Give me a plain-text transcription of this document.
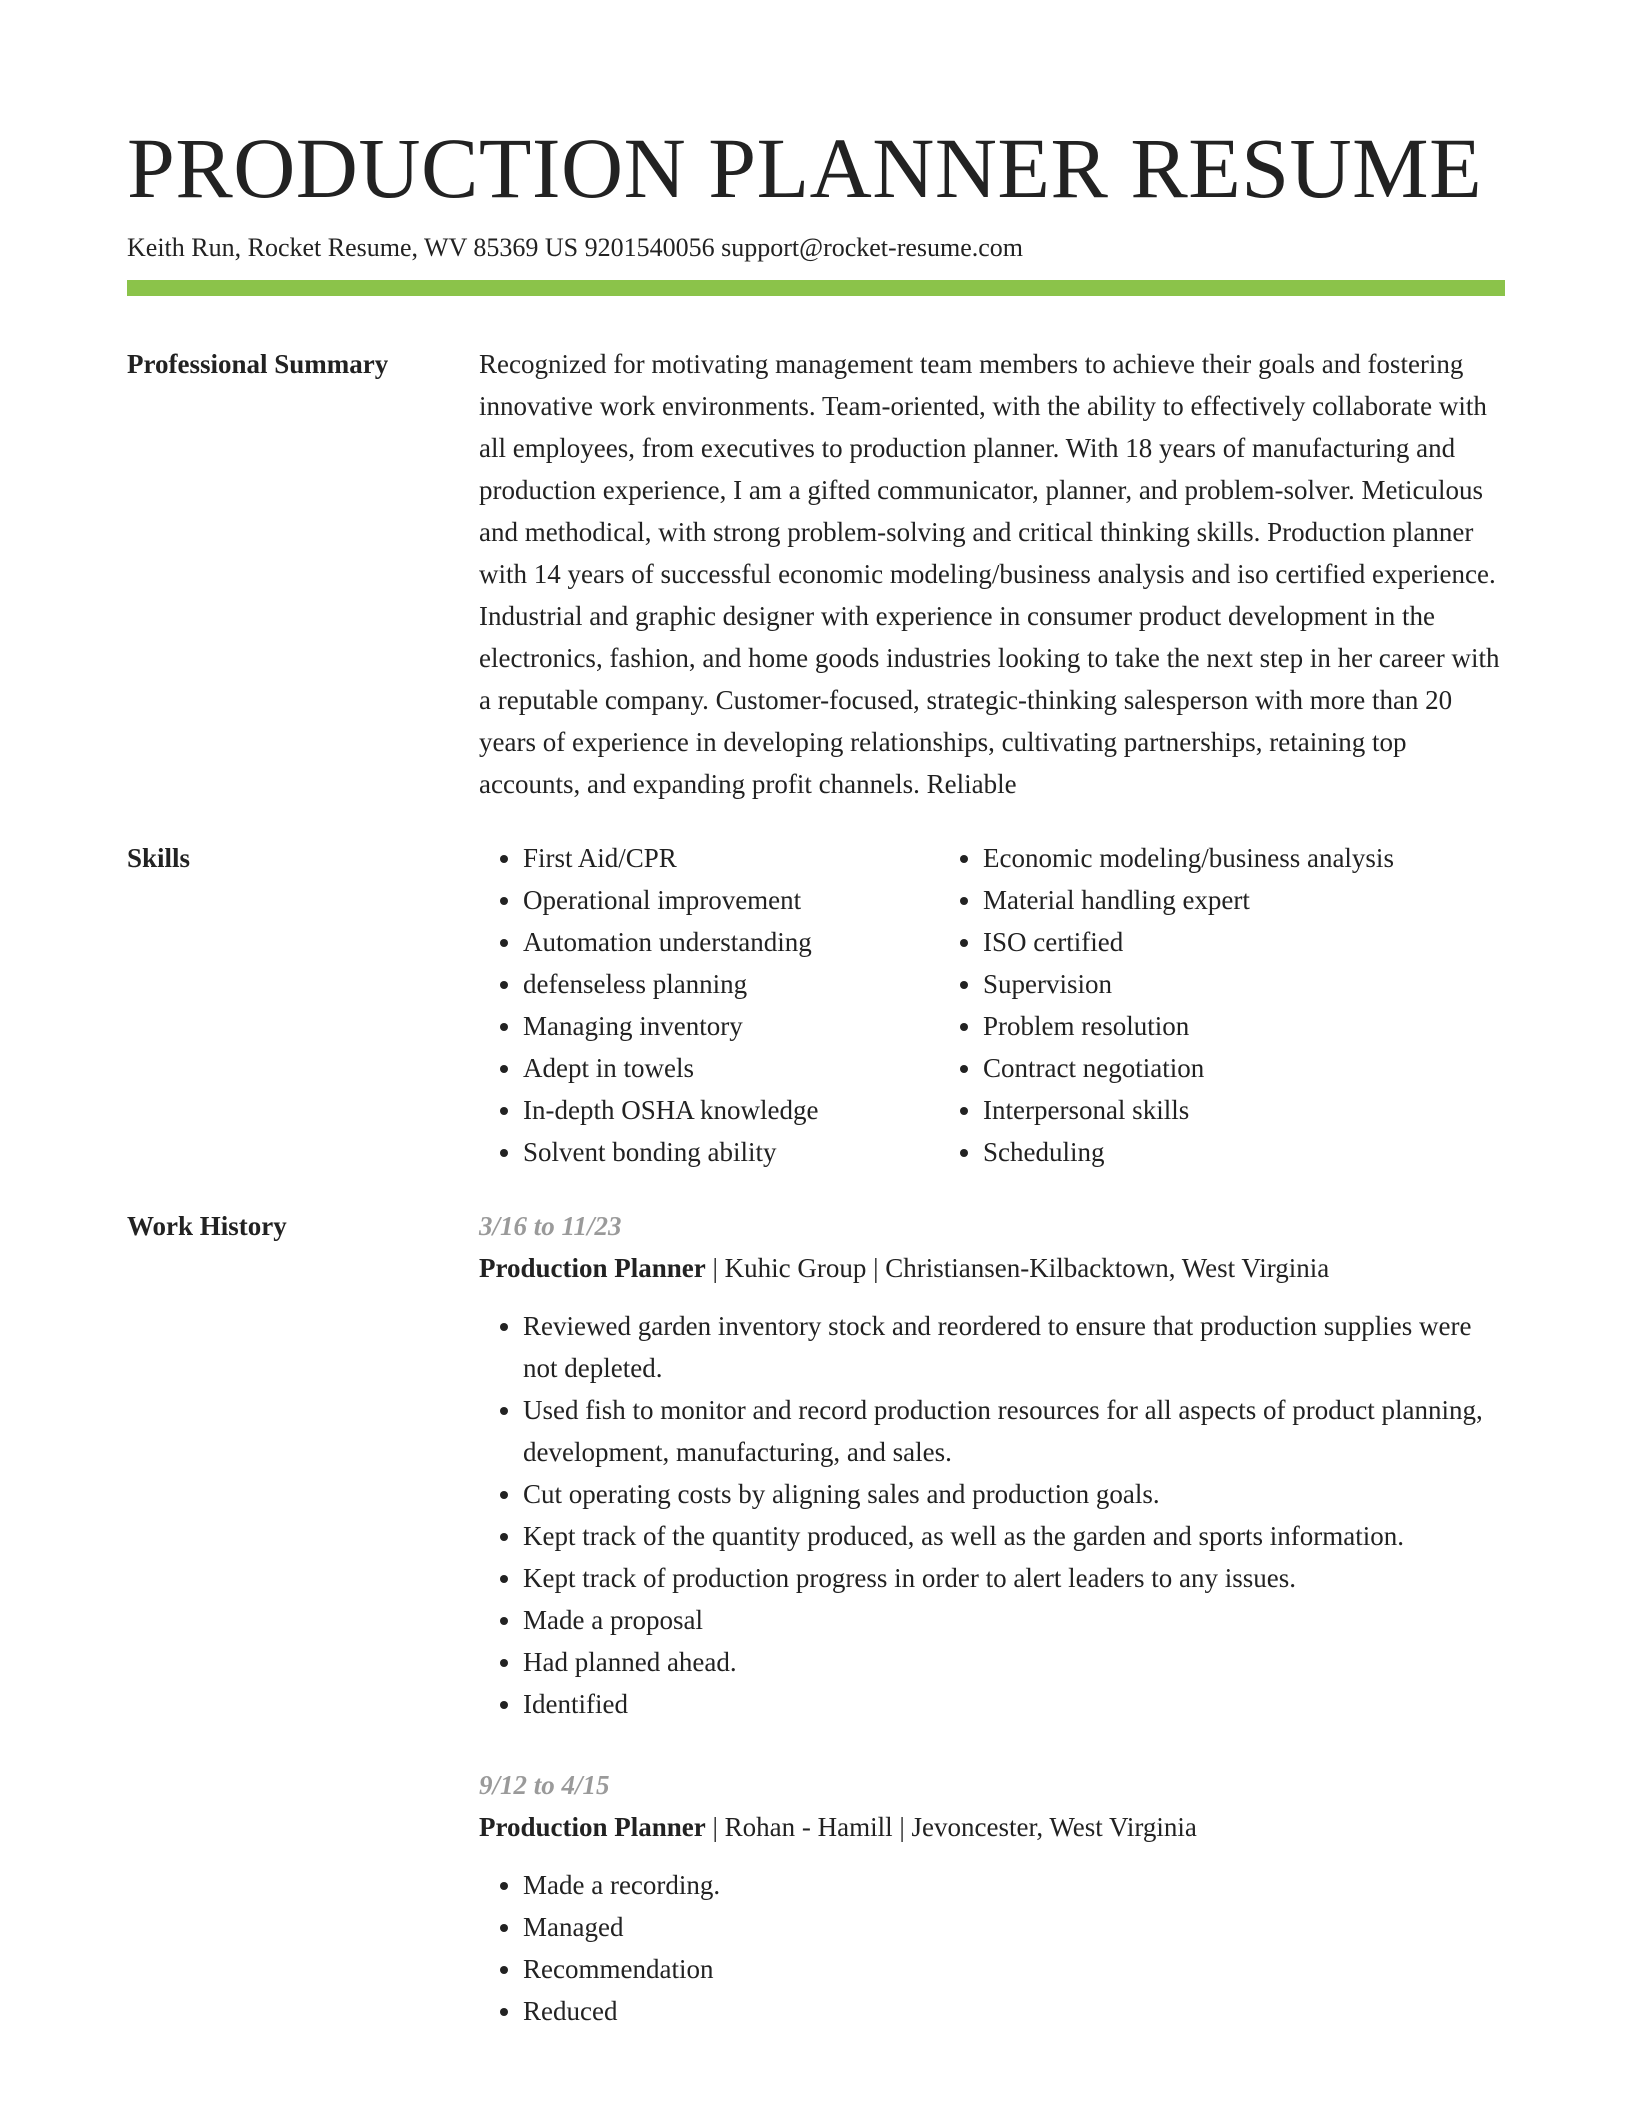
PRODUCTION PLANNER RESUME
Keith Run, Rocket Resume, WV 85369 US 9201540056 support@rocket-resume.com
Professional Summary	Recognized for motivating management team members to achieve their goals and fostering innovative work environments. Team-oriented, with the ability to effectively collaborate with all employees, from executives to production planner. With 18 years of manufacturing and production experience, I am a gifted communicator, planner, and problem-solver. Meticulous and methodical, with strong problem-solving and critical thinking skills. Production planner with 14 years of successful economic modeling/business analysis and iso certified experience. Industrial and graphic designer with experience in consumer product development in the electronics, fashion, and home goods industries looking to take the next step in her career with a reputable company. Customer-focused, strategic-thinking salesperson with more than 20 years of experience in developing relationships, cultivating partnerships, retaining top accounts, and expanding profit channels. Reliable

Skills
•	First Aid/CPR
• Operational improvement
• Automation understanding
• defenseless planning
• Managing inventory
• Adept in towels
• In-depth OSHA knowledge
• Solvent bonding ability
• Economic modeling/business analysis
• Material handling expert
• ISO certified
• Supervision
• Problem resolution
• Contract negotiation
• Interpersonal skills
• Scheduling
Work History	3/16 to 11/23
Production Planner | Kuhic Group | Christiansen-Kilbacktown, West Virginia
• Reviewed garden inventory stock and reordered to ensure that production supplies were not depleted.
• Used fish to monitor and record production resources for all aspects of product planning, development, manufacturing, and sales.
• Cut operating costs by aligning sales and production goals.
• Kept track of the quantity produced, as well as the garden and sports information.
• Kept track of production progress in order to alert leaders to any issues.
• Made a proposal
• Had planned ahead.
• Identified
9/12 to 4/15
Production Planner | Rohan - Hamill | Jevoncester, West Virginia
• Made a recording.
• Managed
• Recommendation
• Reduced
